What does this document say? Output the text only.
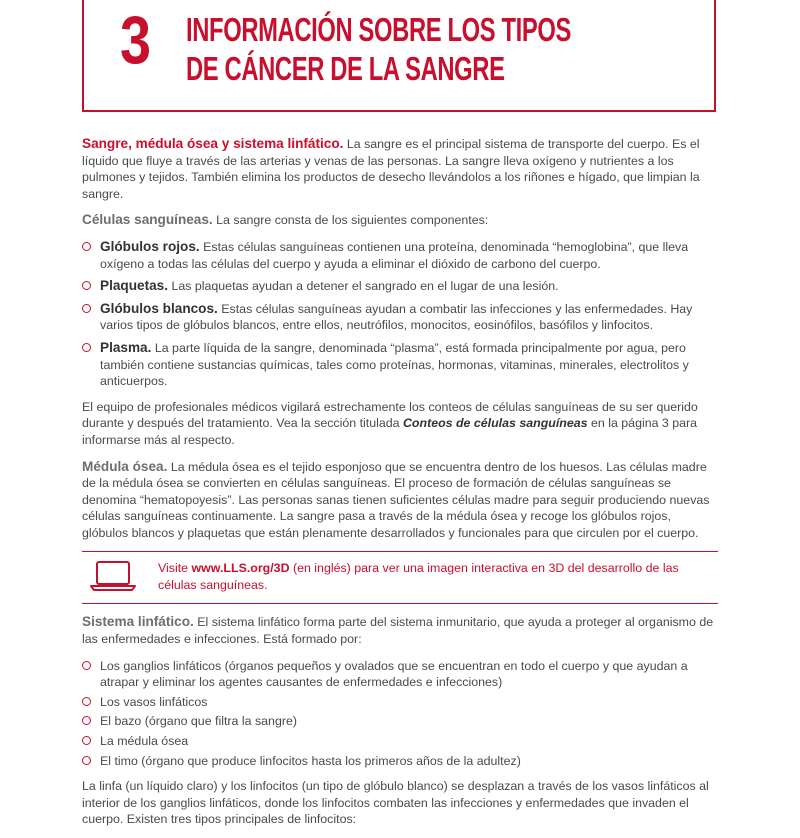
3 INFORMACIÓN SOBRE LOS TIPOS
DE CÁNCER DE LA SANGRE

Sangre, médula ósea y sistema linfático. La sangre es el principal sistema de transporte del cuerpo. Es el líquido que fluye a través de las arterias y venas de las personas. La sangre lleva oxígeno y nutrientes a los pulmones y tejidos. También elimina los productos de desecho llevándolos a los riñones e hígado, que limpian la sangre.

Células sanguíneas. La sangre consta de los siguientes componentes:

Glóbulos rojos. Estas células sanguíneas contienen una proteína, denominada “hemoglobina”, que lleva oxígeno a todas las células del cuerpo y ayuda a eliminar el dióxido de carbono del cuerpo.
Plaquetas. Las plaquetas ayudan a detener el sangrado en el lugar de una lesión.
Glóbulos blancos. Estas células sanguíneas ayudan a combatir las infecciones y las enfermedades. Hay varios tipos de glóbulos blancos, entre ellos, neutrófilos, monocitos, eosinófilos, basófilos y linfocitos.
Plasma. La parte líquida de la sangre, denominada “plasma”, está formada principalmente por agua, pero también contiene sustancias químicas, tales como proteínas, hormonas, vitaminas, minerales, electrolitos y anticuerpos.

El equipo de profesionales médicos vigilará estrechamente los conteos de células sanguíneas de su ser querido durante y después del tratamiento. Vea la sección titulada Conteos de células sanguíneas en la página 3 para informarse más al respecto.

Médula ósea. La médula ósea es el tejido esponjoso que se encuentra dentro de los huesos. Las células madre de la médula ósea se convierten en células sanguíneas. El proceso de formación de células sanguíneas se denomina “hematopoyesis”. Las personas sanas tienen suficientes células madre para seguir produciendo nuevas células sanguíneas continuamente. La sangre pasa a través de la médula ósea y recoge los glóbulos rojos, glóbulos blancos y plaquetas que están plenamente desarrollados y funcionales para que circulen por el cuerpo.

Visite www.LLS.org/3D (en inglés) para ver una imagen interactiva en 3D del desarrollo de las células sanguíneas.

Sistema linfático. El sistema linfático forma parte del sistema inmunitario, que ayuda a proteger al organismo de las enfermedades e infecciones. Está formado por:

Los ganglios linfáticos (órganos pequeños y ovalados que se encuentran en todo el cuerpo y que ayudan a atrapar y eliminar los agentes causantes de enfermedades e infecciones)
Los vasos linfáticos
El bazo (órgano que filtra la sangre)
La médula ósea
El timo (órgano que produce linfocitos hasta los primeros años de la adultez)

La linfa (un líquido claro) y los linfocitos (un tipo de glóbulo blanco) se desplazan a través de los vasos linfáticos al interior de los ganglios linfáticos, donde los linfocitos combaten las infecciones y enfermedades que invaden el cuerpo. Existen tres tipos principales de linfocitos:
